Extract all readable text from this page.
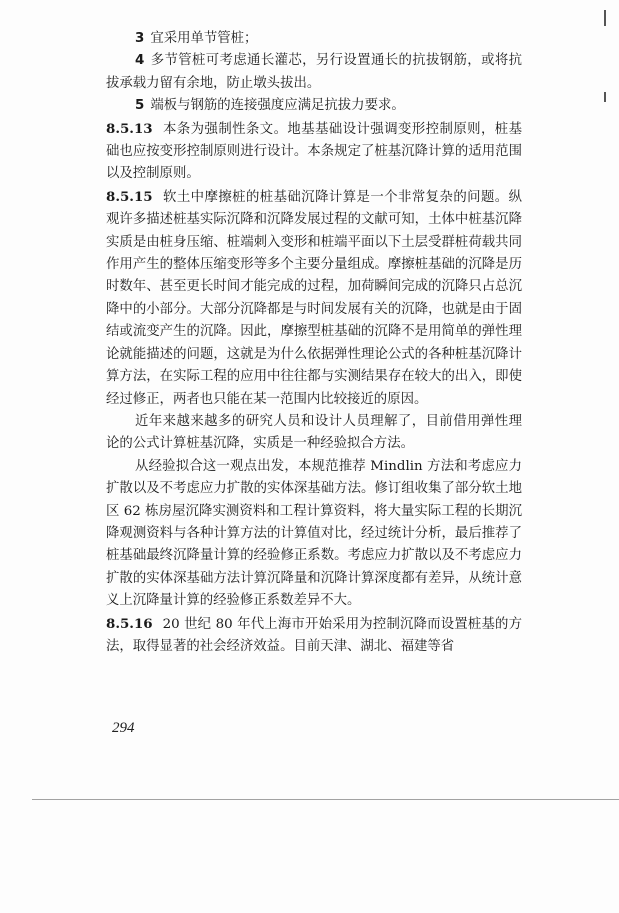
3 宜采用单节管桩；

4 多节管桩可考虑通长灌芯，另行设置通长的抗拔钢筋，或将抗拔承载力留有余地，防止墩头拔出。

5 端板与钢筋的连接强度应满足抗拔力要求。

8.5.13 本条为强制性条文。地基基础设计强调变形控制原则，桩基础也应按变形控制原则进行设计。本条规定了桩基沉降计算的适用范围以及控制原则。

8.5.15 软土中摩擦桩的桩基础沉降计算是一个非常复杂的问题。纵观许多描述桩基实际沉降和沉降发展过程的文献可知，土体中桩基沉降实质是由桩身压缩、桩端刺入变形和桩端平面以下土层受群桩荷载共同作用产生的整体压缩变形等多个主要分量组成。摩擦桩基础的沉降是历时数年、甚至更长时间才能完成的过程，加荷瞬间完成的沉降只占总沉降中的小部分。大部分沉降都是与时间发展有关的沉降，也就是由于固结或流变产生的沉降。因此，摩擦型桩基础的沉降不是用简单的弹性理论就能描述的问题，这就是为什么依据弹性理论公式的各种桩基沉降计算方法，在实际工程的应用中往往都与实测结果存在较大的出入，即使经过修正，两者也只能在某一范围内比较接近的原因。

近年来越来越多的研究人员和设计人员理解了，目前借用弹性理论的公式计算桩基沉降，实质是一种经验拟合方法。

从经验拟合这一观点出发，本规范推荐 Mindlin 方法和考虑应力扩散以及不考虑应力扩散的实体深基础方法。修订组收集了部分软土地区 62 栋房屋沉降实测资料和工程计算资料，将大量实际工程的长期沉降观测资料与各种计算方法的计算值对比，经过统计分析，最后推荐了桩基础最终沉降量计算的经验修正系数。考虑应力扩散以及不考虑应力扩散的实体深基础方法计算沉降量和沉降计算深度都有差异，从统计意义上沉降量计算的经验修正系数差异不大。

8.5.16 20 世纪 80 年代上海市开始采用为控制沉降而设置桩基的方法，取得显著的社会经济效益。目前天津、湖北、福建等省

294
